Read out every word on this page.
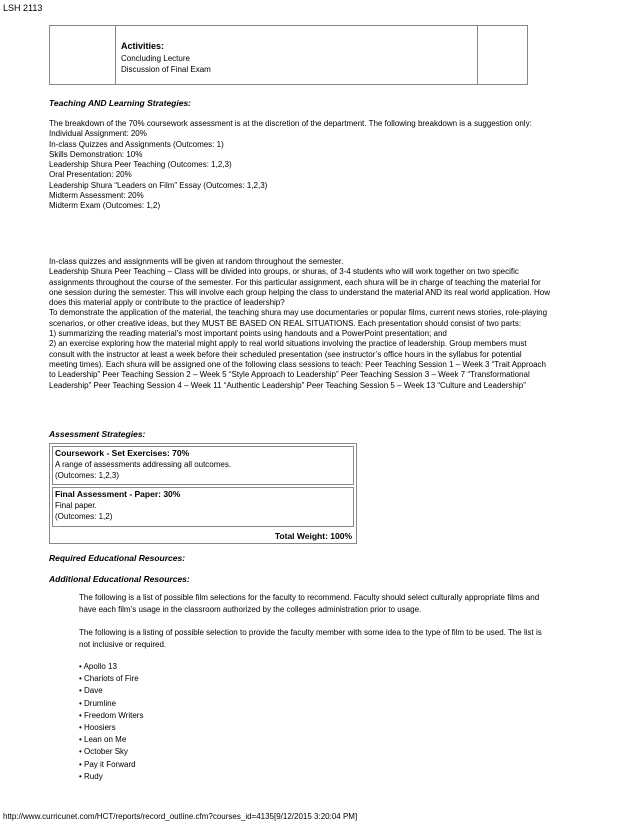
LSH 2113
Activities:
Concluding Lecture
Discussion of Final Exam
Teaching AND Learning Strategies:
The breakdown of the 70% coursework assessment is at the discretion of the department. The following breakdown is a suggestion only:
Individual Assignment: 20%
In-class Quizzes and Assignments (Outcomes: 1)
Skills Demonstration: 10%
Leadership Shura Peer Teaching (Outcomes: 1,2,3)
Oral Presentation: 20%
Leadership Shura “Leaders on Film” Essay (Outcomes: 1,2,3)
Midterm Assessment: 20%
Midterm Exam (Outcomes: 1,2)
In-class quizzes and assignments will be given at random throughout the semester.
Leadership Shura Peer Teaching – Class will be divided into groups, or shuras, of 3-4 students who will work together on two specific
assignments throughout the course of the semester. For this particular assignment, each shura will be in charge of teaching the material for
one session during the semester. This will involve each group helping the class to understand the material AND its real world application. How
does this material apply or contribute to the practice of leadership?
To demonstrate the application of the material, the teaching shura may use documentaries or popular films, current news stories, role-playing
scenarios, or other creative ideas, but they MUST BE BASED ON REAL SITUATIONS. Each presentation should consist of two parts:
1) summarizing the reading material’s most important points using handouts and a PowerPoint presentation; and
2) an exercise exploring how the material might apply to real world situations involving the practice of leadership. Group members must
consult with the instructor at least a week before their scheduled presentation (see instructor’s office hours in the syllabus for potential
meeting times). Each shura will be assigned one of the following class sessions to teach: Peer Teaching Session 1 – Week 3 “Trait Approach
to Leadership” Peer Teaching Session 2 – Week 5 “Style Approach to Leadership” Peer Teaching Session 3 – Week 7 “Transformational
Leadership” Peer Teaching Session 4 – Week 11 “Authentic Leadership” Peer Teaching Session 5 – Week 13 “Culture and Leadership”
Assessment Strategies:
Coursework - Set Exercises: 70%
A range of assessments addressing all outcomes.
(Outcomes: 1,2,3)
Final Assessment - Paper: 30%
Final paper.
(Outcomes: 1,2)
Total Weight: 100%
Required Educational Resources:
Additional Educational Resources:
The following is a list of possible film selections for the faculty to recommend. Faculty should select culturally appropriate films and
have each film’s usage in the classroom authorized by the colleges administration prior to usage.
The following is a listing of possible selection to provide the faculty member with some idea to the type of film to be used. The list is
not inclusive or required.
• Apollo 13
• Chariots of Fire
• Dave
• Drumline
• Freedom Writers
• Hoosiers
• Lean on Me
• October Sky
• Pay it Forward
• Rudy
http://www.curricunet.com/HCT/reports/record_outline.cfm?courses_id=4135[9/12/2015 3:20:04 PM]
